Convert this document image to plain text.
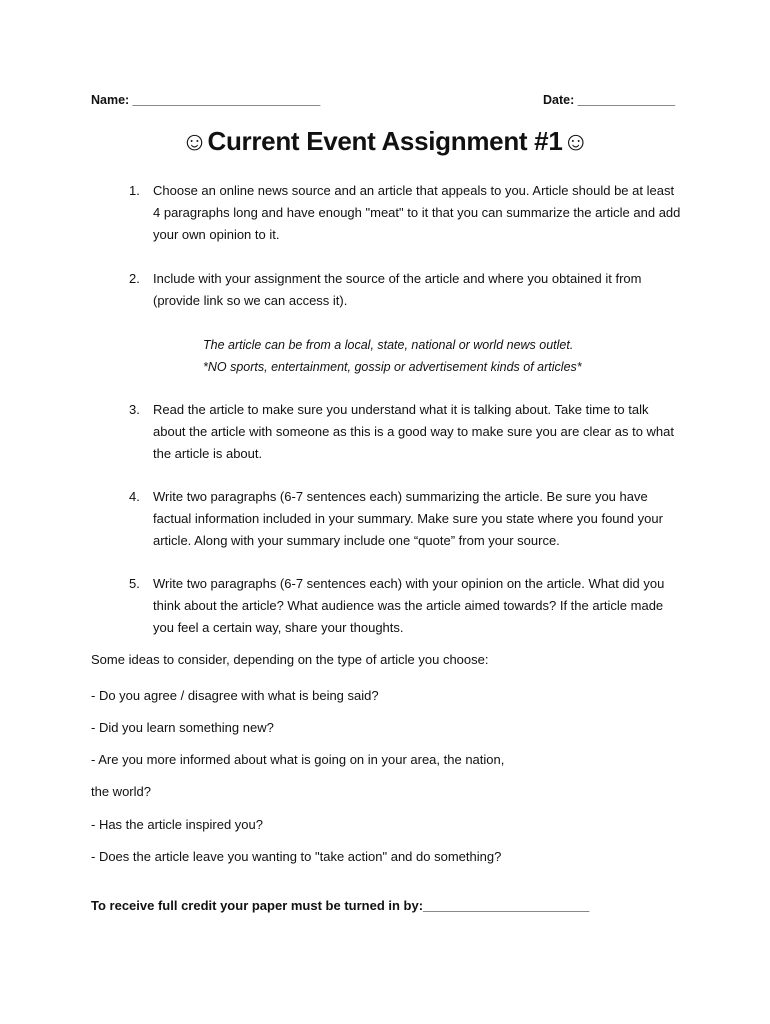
Name: ___________________________	Date: ______________
☺Current Event Assignment #1☺
1. Choose an online news source and an article that appeals to you. Article should be at least 4 paragraphs long and have enough "meat" to it that you can summarize the article and add your own opinion to it.
2. Include with your assignment the source of the article and where you obtained it from (provide link so we can access it).
The article can be from a local, state, national or world news outlet.
*NO sports, entertainment, gossip or advertisement kinds of articles*
3. Read the article to make sure you understand what it is talking about. Take time to talk about the article with someone as this is a good way to make sure you are clear as to what the article is about.
4. Write two paragraphs (6-7 sentences each) summarizing the article. Be sure you have factual information included in your summary. Make sure you state where you found your article. Along with your summary include one “quote” from your source.
5. Write two paragraphs (6-7 sentences each) with your opinion on the article. What did you think about the article? What audience was the article aimed towards? If the article made you feel a certain way, share your thoughts.
Some ideas to consider, depending on the type of article you choose:
- Do you agree / disagree with what is being said?
- Did you learn something new?
- Are you more informed about what is going on in your area, the nation,
the world?
- Has the article inspired you?
- Does the article leave you wanting to "take action" and do something?
To receive full credit your paper must be turned in by:_______________________
